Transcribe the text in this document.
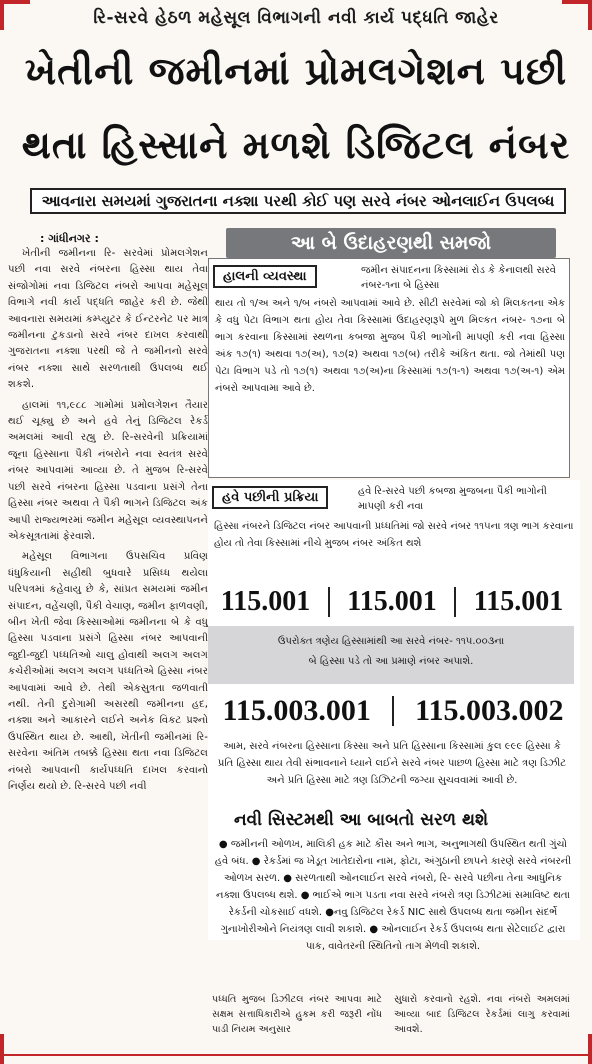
રિ-સરવે હેઠળ મહેસૂલ વિભાગની નવી કાર્ય પદ્ધતિ જાહેર
ખેતીની જમીનમાં પ્રોમલગેશન પછી
થતા હિસ્સાને મળશે ડિજિટલ નંબર
આવનારા સમયમાં ગુજરાતના નક્શા પરથી કોઈ પણ સરવે નંબર ઓનલાઈન ઉપલબ્ધ
: ગાંધીનગર :

ખેતીની જમીનના રિ- સરવેમાં પ્રોમલગેશન પછી નવા સરવે નંબરના હિસ્સા થાય તેવા સંજોગોમાં નવા ડિજિટલ નંબરો આપવા મહેસૂલ વિભાગે નવી કાર્ય પદ્ધતિ જાહેર કરી છે. જેથી આવનારા સમયમાં કમ્પ્યુટર કે ઈન્ટરનેટ પર માત્ર જમીનના ટુકડાનો સરવે નંબર દાખલ કરવાથી ગુજરાતના નક્શા પરથી જે તે જમીનનો સરવે નંબર નક્શા સાથે સરળતાથી ઉપલબ્ધ થઈ શકશે.

હાલમાં ૧૧,૯૮૮ ગામોમાં પ્રમોલગેશન તૈયાર થઈ ચૂક્યુ છે અને હવે તેનું ડિજિટલ રેકર્ડ અમલમાં આવી રહ્યુ છે. રિ-સરવેની પ્રક્રિયામાં જૂના હિસ્સાના પૈકી નંબરોને નવા સ્વતંત્ર સરવે નંબર આપવામાં આવ્યા છે. તે મુજબ રિ-સરવે પછી સરવે નંબરના હિસ્સા પડવાના પ્રસંગે તેના હિસ્સા નંબર અથવા તે પૈકી ભાગને ડિજિટલ અંક આપી રાજ્યભરમાં જમીન મહેસૂલ વ્યવસ્થાપનને એકસૂત્રતામાં ફેરવાશે.

મહેસૂલ વિભાગના ઉપસચિવ પ્રવિણ ધંધુકિયાની સહીથી બુધવારે પ્રસિધ્ધ થયેલા પરિપત્રમાં કહેવાયુ છે કે, સાંપ્રત સમયમાં જમીન સંપાદન, વહેંચણી, પૈકી વેચાણ, જમીન ફાળવણી, બીન ખેતી જેવા કિસ્સાઓમાં જમીનના બે કે વધુ હિસ્સા પડવાના પ્રસંગે હિસ્સા નંબર આપવાની જુદી-જુદી પધ્ધતિઓ ચાલુ હોવાથી અલગ અલગ કચેરીઓમાં અલગ અલગ પધ્ધતિએ હિસ્સા નંબર આપવામાં આવે છે. તેથી એકસુત્રતા જળવાતી નથી. તેની દુરોગામી અસરથી જમીનના હદ, નક્શા અને આકારને લઈને અનેક વિકટ પ્રશ્નો ઉપસ્થિત થાય છે. આથી, ખેતીની જમીનમાં રિ-સરવેના અંતિમ તબક્કે હિસ્સા થતા નવા ડિજિટલ નંબરો આપવાની કાર્યપધ્ધતિ દાખલ કરવાનો નિર્ણય થયો છે. રિ-સરવે પછી નવી

આ બે ઉદાહરણથી સમજો
હાલની વ્યવસ્થા	જમીન સંપાદનના કિસ્સામાં રોડ કે કેનાલથી સરવે નંબર-૧ના બે હિસ્સા
થાય તો ૧/અ અને ૧/બ નંબરો આપવામાં આવે છે. સીટી સરવેમાં જો કો મિલકતના એક કે વધુ પેટા વિભાગ થતા હોય તેવા કિસ્સામાં ઉદાહરણરૂપે મુળ મિલ્કત નંબર- ૧૭ના બે ભાગ કરવાના કિસ્સામાં સ્થળના કબજા મુજબ પૈકી ભાગોની માપણી કરી નવા હિસ્સા અંક ૧૭(૧) અથવા ૧૭(અ), ૧૭(૨) અથવા ૧૭(બ) તરીકે અંકિત થતા. જો તેમાંથી પણ પેટા વિભાગ પડે તો ૧૭(૧) અથવા ૧૭(અ)ના કિસ્સામાં ૧૭(૧-૧) અથવા ૧૭(અ-૧) એમ નંબરો આપવામા આવે છે.
હવે પછીની પ્રક્રિયા	હવે રિ-સરવે પછી કબજા મુજબના પૈકી ભાગોની માપણી કરી નવા
હિસ્સા નંબરને ડિજિટલ નંબર આપવાની પ્રધ્ધતિમાં જો સરવે નંબર ૧૧૫ના ત્રણ ભાગ કરવાના હોય તો તેવા કિસ્સામાં નીચે મુજબ નંબર અંકિત થશે
115.001 115.001 115.001
ઉપરોક્ત ત્રણેય હિસ્સામાંથી આ સરવે નંબર- ૧૧૫.૦૦૩ના
બે હિસ્સા પડે તો આ પ્રમાણે નંબર અપાશે.
115.003.001 115.003.002
આમ, સરવે નંબરના હિસ્સાના કિસ્સા અને પ્રતિ હિસ્સાના કિસ્સામાં કુલ ૯૯૯ હિસ્સા કે પ્રતિ હિસ્સા થાય તેવી સંભાવનાને ધ્યાને લઈને સરવે નંબર પાછળ હિસ્સા માટે ત્રણ ડિઝીટ અને પ્રતિ હિસ્સા માટે ત્રણ ડિઝિટની જગ્યા સુચવવામાં આવી છે.
નવી સિસ્ટમથી આ બાબતો સરળ થશે
● જમીનની ઓળખ, માલિકી હક માટે કૌસ અને ભાગ, અનુભાગથી ઉપસ્થિત થતી ગુંચો હવે બંધ. ● રેકર્ડમાં જ ખેડૂત ખાતેદારોના નામ, ફોટા, અંગુઠાની છાપને કારણે સરવે નંબરની ઓળખ સરળ. ● સરળતાથી ઓનલાઈન સરવે નંબરો, રિ- સરવે પછીના તેના આધુનિક નક્શા ઉપલબ્ધ થશે. ● ભાઈએ ભાગ પડતા નવા સરવે નંબરો ત્રણ ડિઝીટમાં સમાવિષ્ટ થતા રેકર્ડની ચોકસાઈ વધશે. ●નવુ ડિજિટલ રેકર્ડ NIC સાથે ઉપલબ્ધ થતા જમીન સંદર્ભે ગુનાખોરીઓને નિયંત્રણ લાવી શકાશે. ● ઓનલાઈન રેકર્ડ ઉપલબ્ધ થતા સેટેલાઈટ દ્વારા પાક, વાવેતરની સ્થિતિનો તાગ મેળવી શકાશે.
પધ્ધતિ મુજબ ડિઝીટલ નંબર આપવા માટે સક્ષમ સત્તાધિકારીએ હુકમ કરી જરૂરી નોંધ પાડી નિયમ અનુસાર
સુધારો કરવાનો રહશે. નવા નંબરો અમલમાં આવ્યા બાદ ડિજિટલ રેકર્ડમાં લાગુ કરવામાં આવશે.
